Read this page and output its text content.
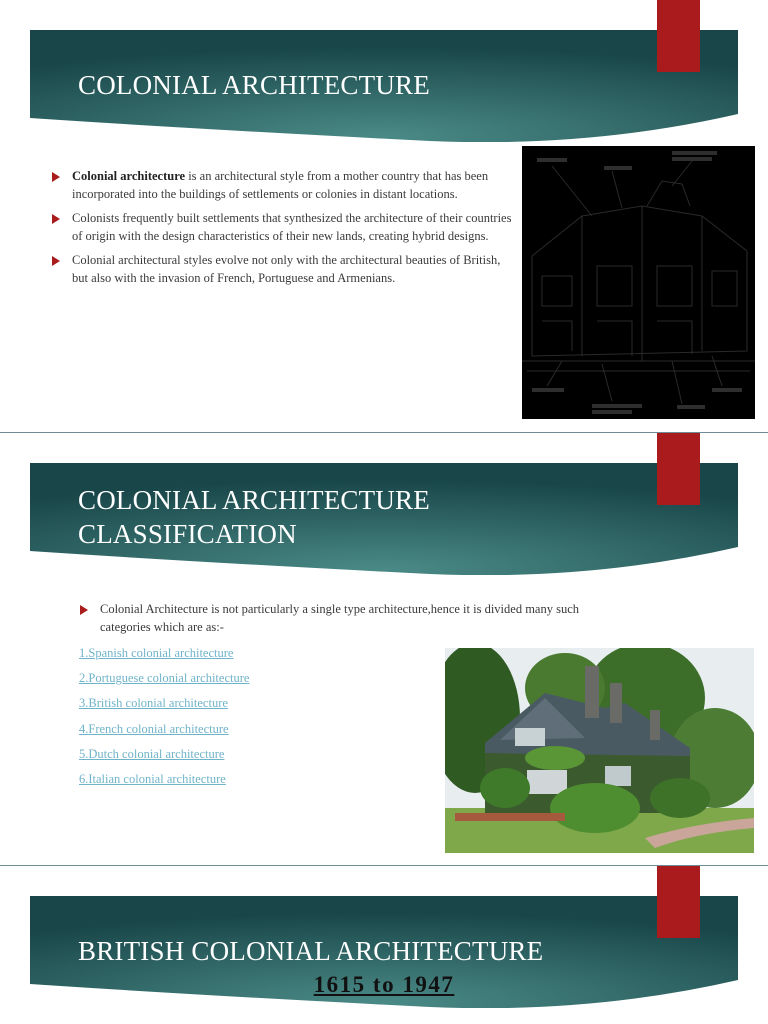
COLONIAL ARCHITECTURE
Colonial architecture is an architectural style from a mother country that has been incorporated into the buildings of settlements or colonies in distant locations.
Colonists frequently built settlements that synthesized the architecture of their countries of origin with the design characteristics of their new lands, creating hybrid designs.
Colonial architectural styles evolve not only with the architectural beauties of British, but also with the invasion of French, Portuguese and Armenians.
COLONIAL ARCHITECTURE
CLASSIFICATION
Colonial Architecture is not particularly a single type architecture,hence it is divided many such categories which are as:-
1.Spanish colonial architecture
2.Portuguese colonial architecture
3.British colonial architecture
4.French colonial architecture
5.Dutch colonial architecture
6.Italian colonial architecture
BRITISH COLONIAL ARCHITECTURE
1615 to 1947
